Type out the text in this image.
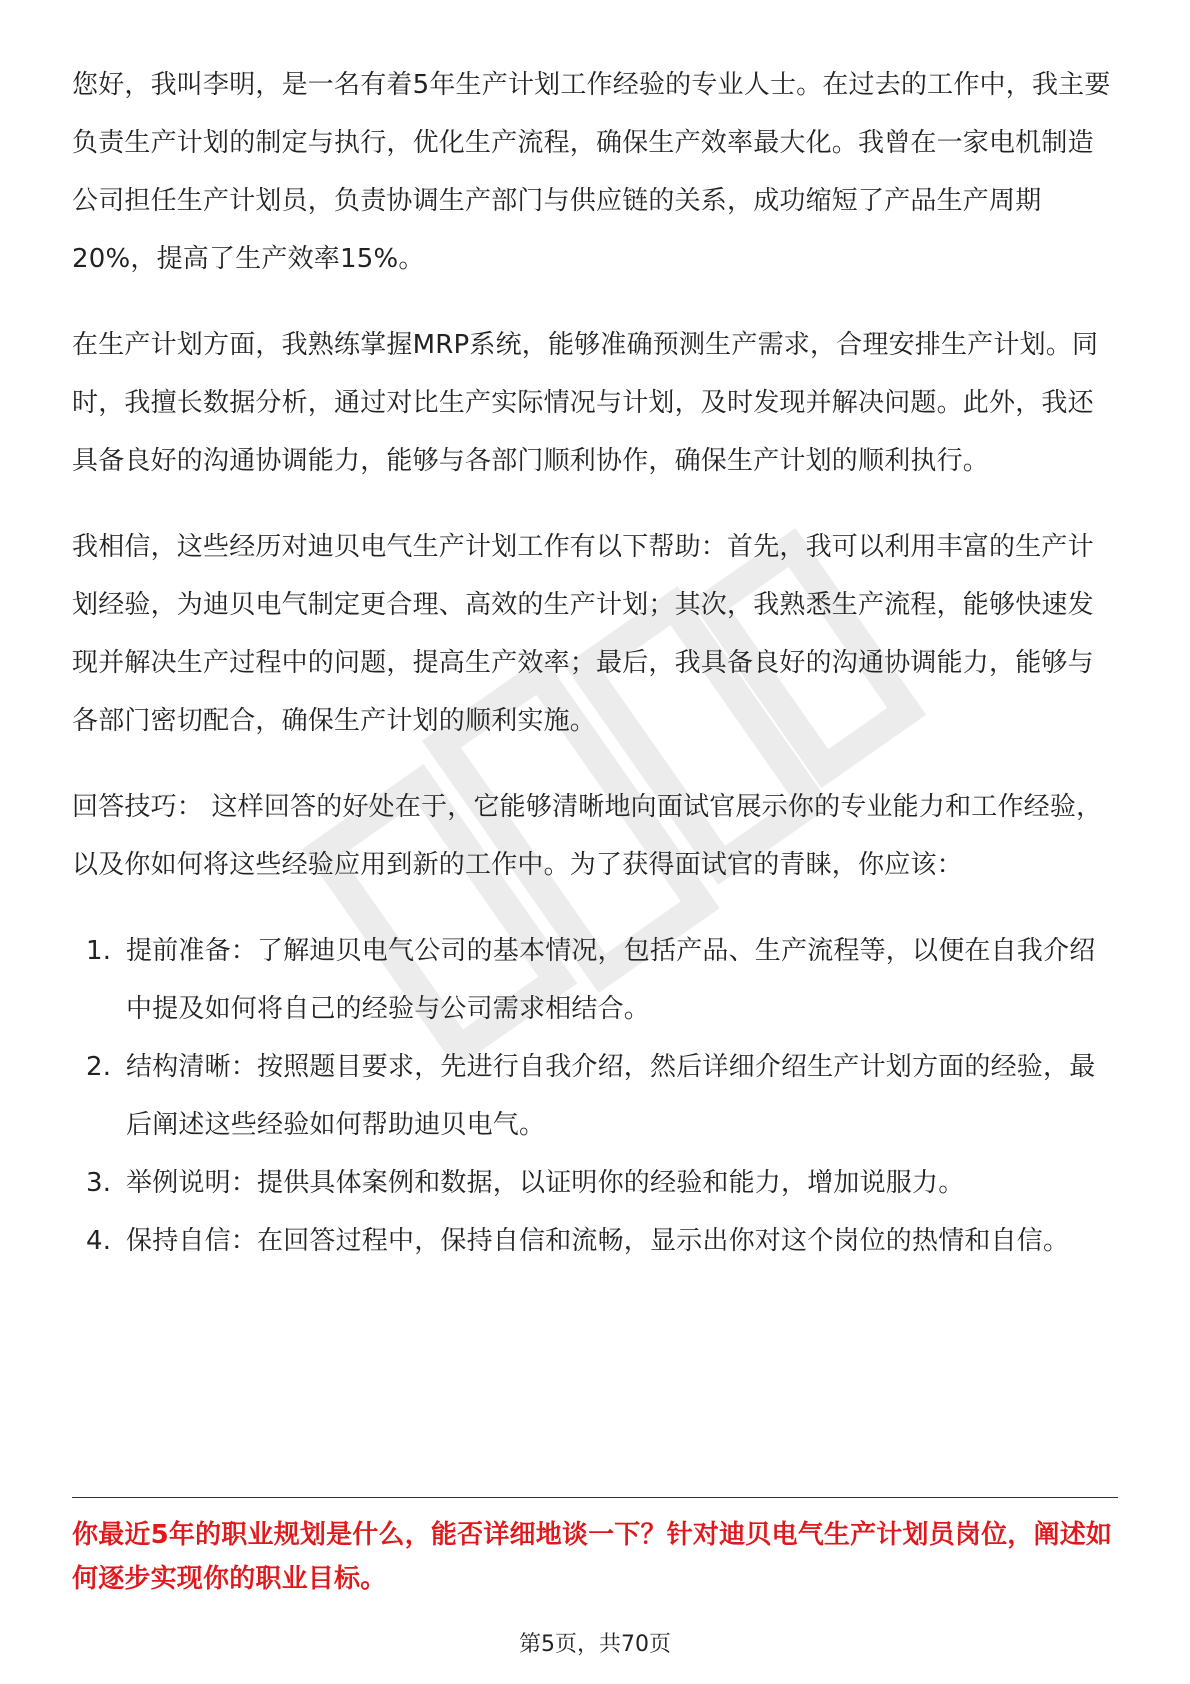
您好，我叫李明，是一名有着5年生产计划工作经验的专业人士。在过去的工作中，我主要负责生产计划的制定与执行，优化生产流程，确保生产效率最大化。我曾在一家电机制造公司担任生产计划员，负责协调生产部门与供应链的关系，成功缩短了产品生产周期20%，提高了生产效率15%。

在生产计划方面，我熟练掌握MRP系统，能够准确预测生产需求，合理安排生产计划。同时，我擅长数据分析，通过对比生产实际情况与计划，及时发现并解决问题。此外，我还具备良好的沟通协调能力，能够与各部门顺利协作，确保生产计划的顺利执行。

我相信，这些经历对迪贝电气生产计划工作有以下帮助：首先，我可以利用丰富的生产计划经验，为迪贝电气制定更合理、高效的生产计划；其次，我熟悉生产流程，能够快速发现并解决生产过程中的问题，提高生产效率；最后，我具备良好的沟通协调能力，能够与各部门密切配合，确保生产计划的顺利实施。

回答技巧： 这样回答的好处在于，它能够清晰地向面试官展示你的专业能力和工作经验，以及你如何将这些经验应用到新的工作中。为了获得面试官的青睐，你应该：

1. 提前准备：了解迪贝电气公司的基本情况，包括产品、生产流程等，以便在自我介绍中提及如何将自己的经验与公司需求相结合。
2. 结构清晰：按照题目要求，先进行自我介绍，然后详细介绍生产计划方面的经验，最后阐述这些经验如何帮助迪贝电气。
3. 举例说明：提供具体案例和数据，以证明你的经验和能力，增加说服力。
4. 保持自信：在回答过程中，保持自信和流畅，显示出你对这个岗位的热情和自信。

你最近5年的职业规划是什么，能否详细地谈一下？针对迪贝电气生产计划员岗位，阐述如何逐步实现你的职业目标。

第5页，共70页
